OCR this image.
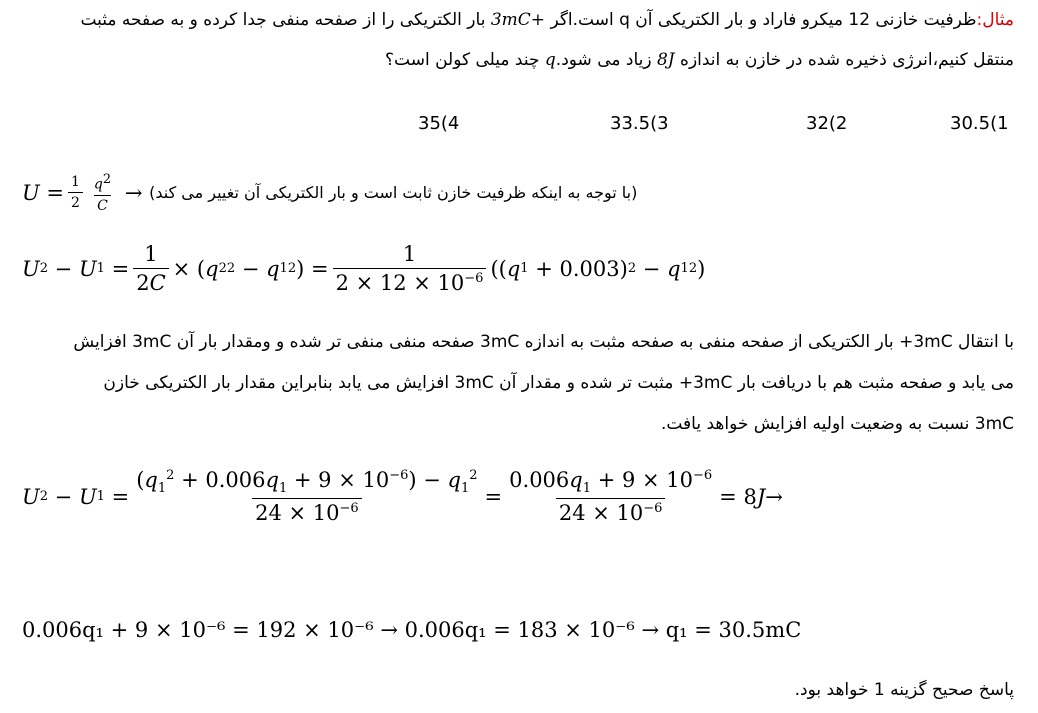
مثال:ظرفیت خازنی 12 میکرو فاراد و بار الکتریکی آن q است.اگر 3mC+ بار الکتریکی را از صفحه منفی جدا کرده و به صفحه مثبت
منتقل کنیم،انرژی ذخیره شده در خازن به اندازه 8J زیاد می شود.q چند میلی کولن است؟
30.5(1
32(2
33.5(3
35(4
$U = \frac{1}{2} \frac{q^2}{C}$ → (با توجه به اینکه ظرفیت خازن ثابت است و بار الکتریکی آن تغییر می کند)
U 2 − U $1 = \frac{1}{2C}$ × ( q 2 2 − q 1 2 ) = $\frac{1}{2 \times 12 \times 10^{-6}}$ (( q 1 + 0.003) 2 − q 1 2 )
با انتقال 3mC+ بار الکتریکی از صفحه منفی به صفحه مثبت به اندازه 3mC صفحه منفی منفی تر شده و ومقدار بار آن 3mC افزایش
می یابد و صفحه مثبت هم با دریافت بار 3mC+ مثبت تر شده و مقدار آن 3mC افزایش می یابد بنابراین مقدار بار الکتریکی خازن
3mC نسبت به وضعیت اولیه افزایش خواهد یافت.
U 2 − U $1 = \frac{(q_1^2 + 0.006q_1 + 9 \times 10^{-6}) - q_1^2}{24 \times 10^{-6}} = \frac{0.006q_1 + 9 \times 10^{-6}}{24 \times 10^{-6}} = 8$ J →
0.006q₁ + 9 × 10⁻⁶ = 192 × 10⁻⁶ → 0.006q₁ = 183 × 10⁻⁶ → q₁ = 30.5mC
پاسخ صحیح گزینه 1 خواهد بود.
